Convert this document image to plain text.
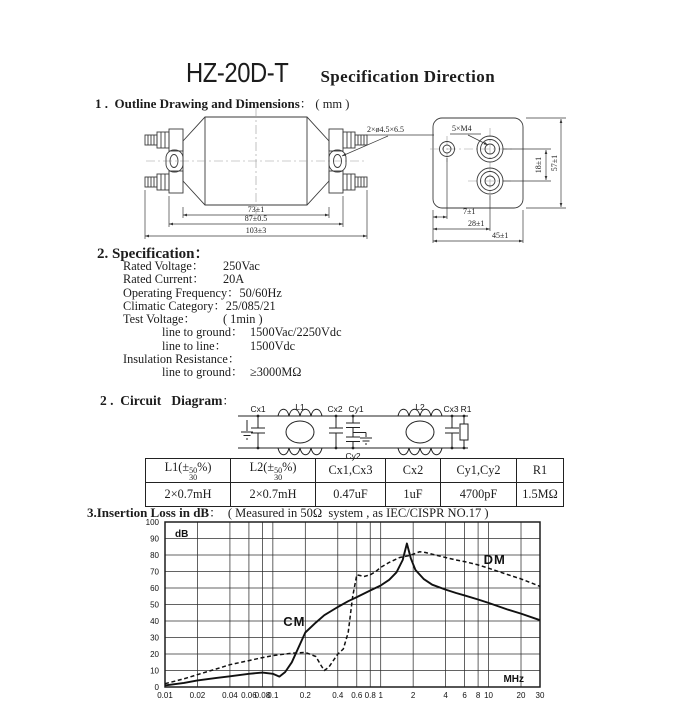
HZ-20D-T Specification Direction
1 . Outline Drawing and Dimensions： ( mm )
2×ø4.5×6.5
73±1
87±0.5
103±3
5×M4
18±1 57±1
7±1
28±1
45±1
2. Specification：
Rated Voltage：	250Vac
Rated Current：	20A
Operating Frequency： 50/60Hz
Climatic Category： 25/085/21
Test Voltage：	( 1min )
line to ground： 1500Vac/2250Vdc
line to line：	1500Vdc
Insulation Resistance：
line to ground： ≥3000MΩ
2 . Circuit   Diagram：
Cx1	L1	Cx2 Cy1	L2 Cx3 R1
Cy2
L1(± 50
30
%)	L2(± 50
30
%)	Cx1,Cx3	Cx2	Cy1,Cy2	R1
2×0.7mH	2×0.7mH	0.47uF	1uF	4700pF	1.5MΩ
3.Insertion Loss in dB：  ( Measured in 50Ω  system , as IEC/CISPR NO.17 )
0
10
20
30
40
50
60
70
80
90
100
0.01 0.02 0.04 0.06
0.08
0.1	0.2	0.4 0.6 0.8 1	2	4 6 8 10	20 30
dB
MHz
CM
DM
